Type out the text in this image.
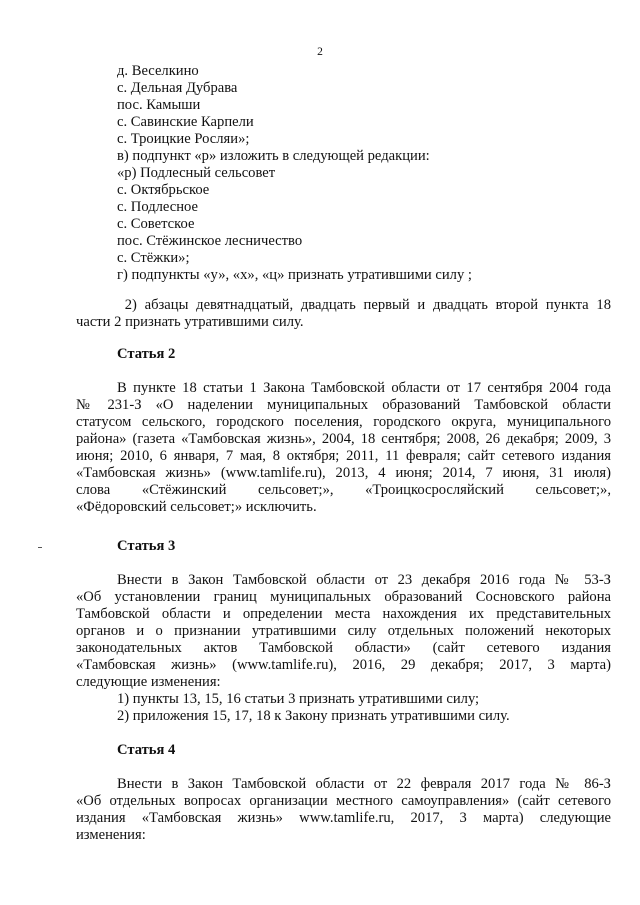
2
д. Веселкино
с. Дельная Дубрава
пос. Камыши
с. Савинские Карпели
с. Троицкие Росляи»;
в) подпункт «р» изложить в следующей редакции:
«р) Подлесный сельсовет
с. Октябрьское
с. Подлесное
с. Советское
пос. Стёжинское лесничество
с. Стёжки»;
г) подпункты «у», «х», «ц» признать утратившими силу ;
2) абзацы девятнадцатый, двадцать первый и двадцать второй пункта 18
части 2 признать утратившими силу.
Статья 2
В пункте 18 статьи 1 Закона Тамбовской области от 17 сентября 2004 года
№  231-З  «О  наделении  муниципальных  образований  Тамбовской  области
статусом сельского, городского поселения, городского округа, муниципального
района» (газета «Тамбовская жизнь», 2004, 18 сентября; 2008, 26 декабря; 2009, 3
июня; 2010, 6 января, 7 мая, 8 октября; 2011, 11 февраля; сайт сетевого издания
«Тамбовская жизнь» (www.tamlife.ru), 2013, 4 июня; 2014, 7 июня, 31 июля)
слова        «Стёжинский        сельсовет;»,        «Троицкосросляйский        сельсовет;»,
«Фёдоровский сельсовет;» исключить.
Статья 3
Внести в Закон Тамбовской области от 23 декабря 2016 года № 53-З
«Об установлении границ муниципальных образований Сосновского района
Тамбовской области и определении места нахождения их представительных
органов и о признании утратившими силу отдельных положений некоторых
законодательных актов Тамбовской области» (сайт сетевого издания
«Тамбовская жизнь» (www.tamlife.ru), 2016, 29 декабря; 2017, 3 марта)
следующие изменения:
1) пункты 13, 15, 16 статьи 3 признать утратившими силу;
2) приложения 15, 17, 18 к Закону признать утратившими силу.
Статья 4
Внести в Закон Тамбовской области от 22 февраля 2017 года № 86-З
«Об отдельных вопросах организации местного самоуправления» (сайт сетевого
издания «Тамбовская жизнь» www.tamlife.ru, 2017, 3 марта) следующие
изменения:
